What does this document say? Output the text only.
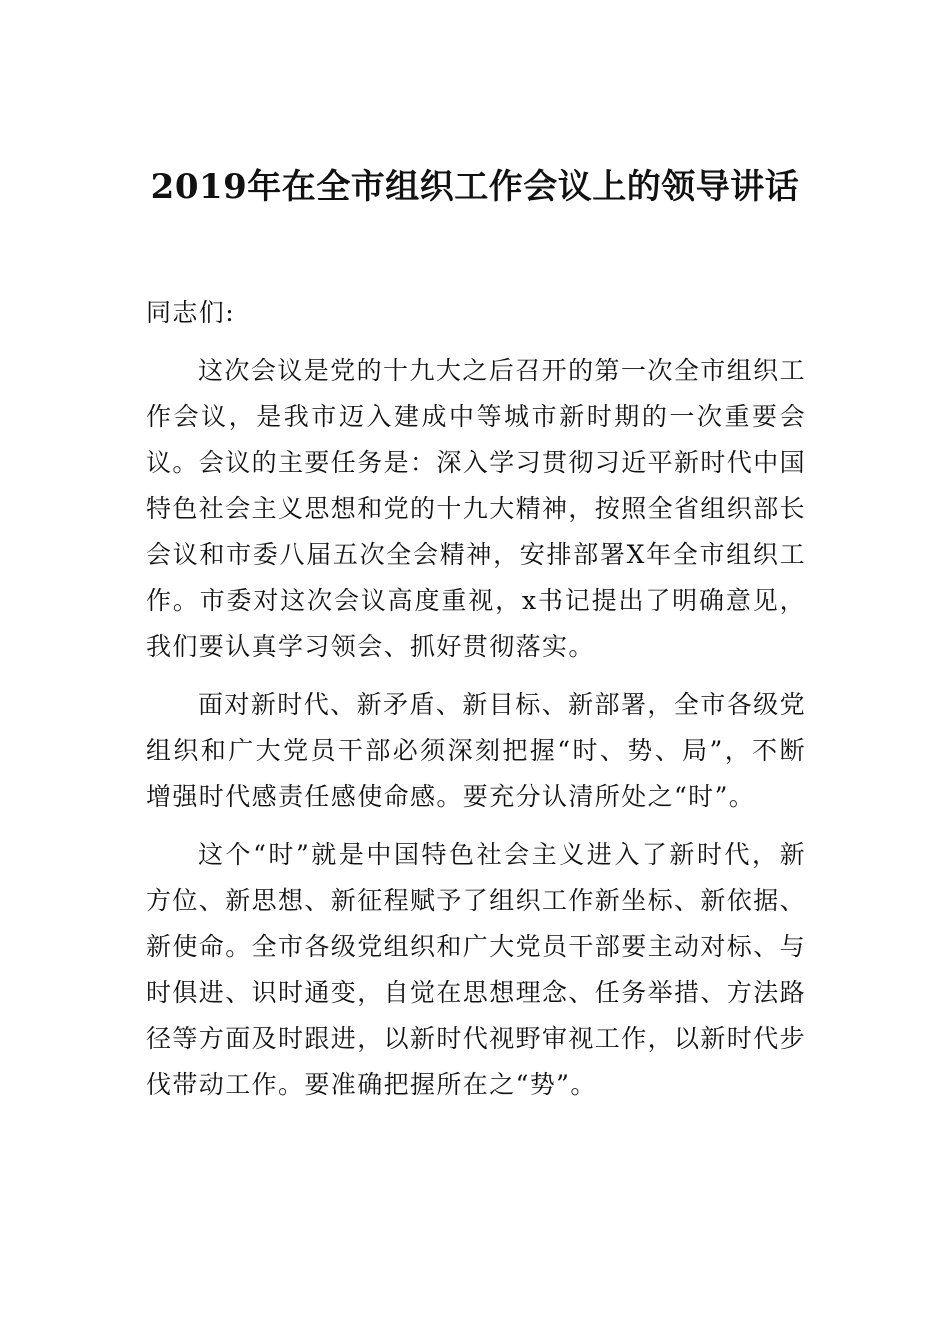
2019年在全市组织工作会议上的领导讲话

同志们:

这次会议是党的十九大之后召开的第一次全市组织工作会议，是我市迈入建成中等城市新时期的一次重要会议。会议的主要任务是：深入学习贯彻习近平新时代中国特色社会主义思想和党的十九大精神，按照全省组织部长会议和市委八届五次全会精神，安排部署X年全市组织工作。市委对这次会议高度重视，x书记提出了明确意见，我们要认真学习领会、抓好贯彻落实。

面对新时代、新矛盾、新目标、新部署，全市各级党组织和广大党员干部必须深刻把握“时、势、局”，不断增强时代感责任感使命感。要充分认清所处之“时”。

这个“时”就是中国特色社会主义进入了新时代，新方位、新思想、新征程赋予了组织工作新坐标、新依据、新使命。全市各级党组织和广大党员干部要主动对标、与时俱进、识时通变，自觉在思想理念、任务举措、方法路径等方面及时跟进，以新时代视野审视工作，以新时代步伐带动工作。要准确把握所在之“势”。
